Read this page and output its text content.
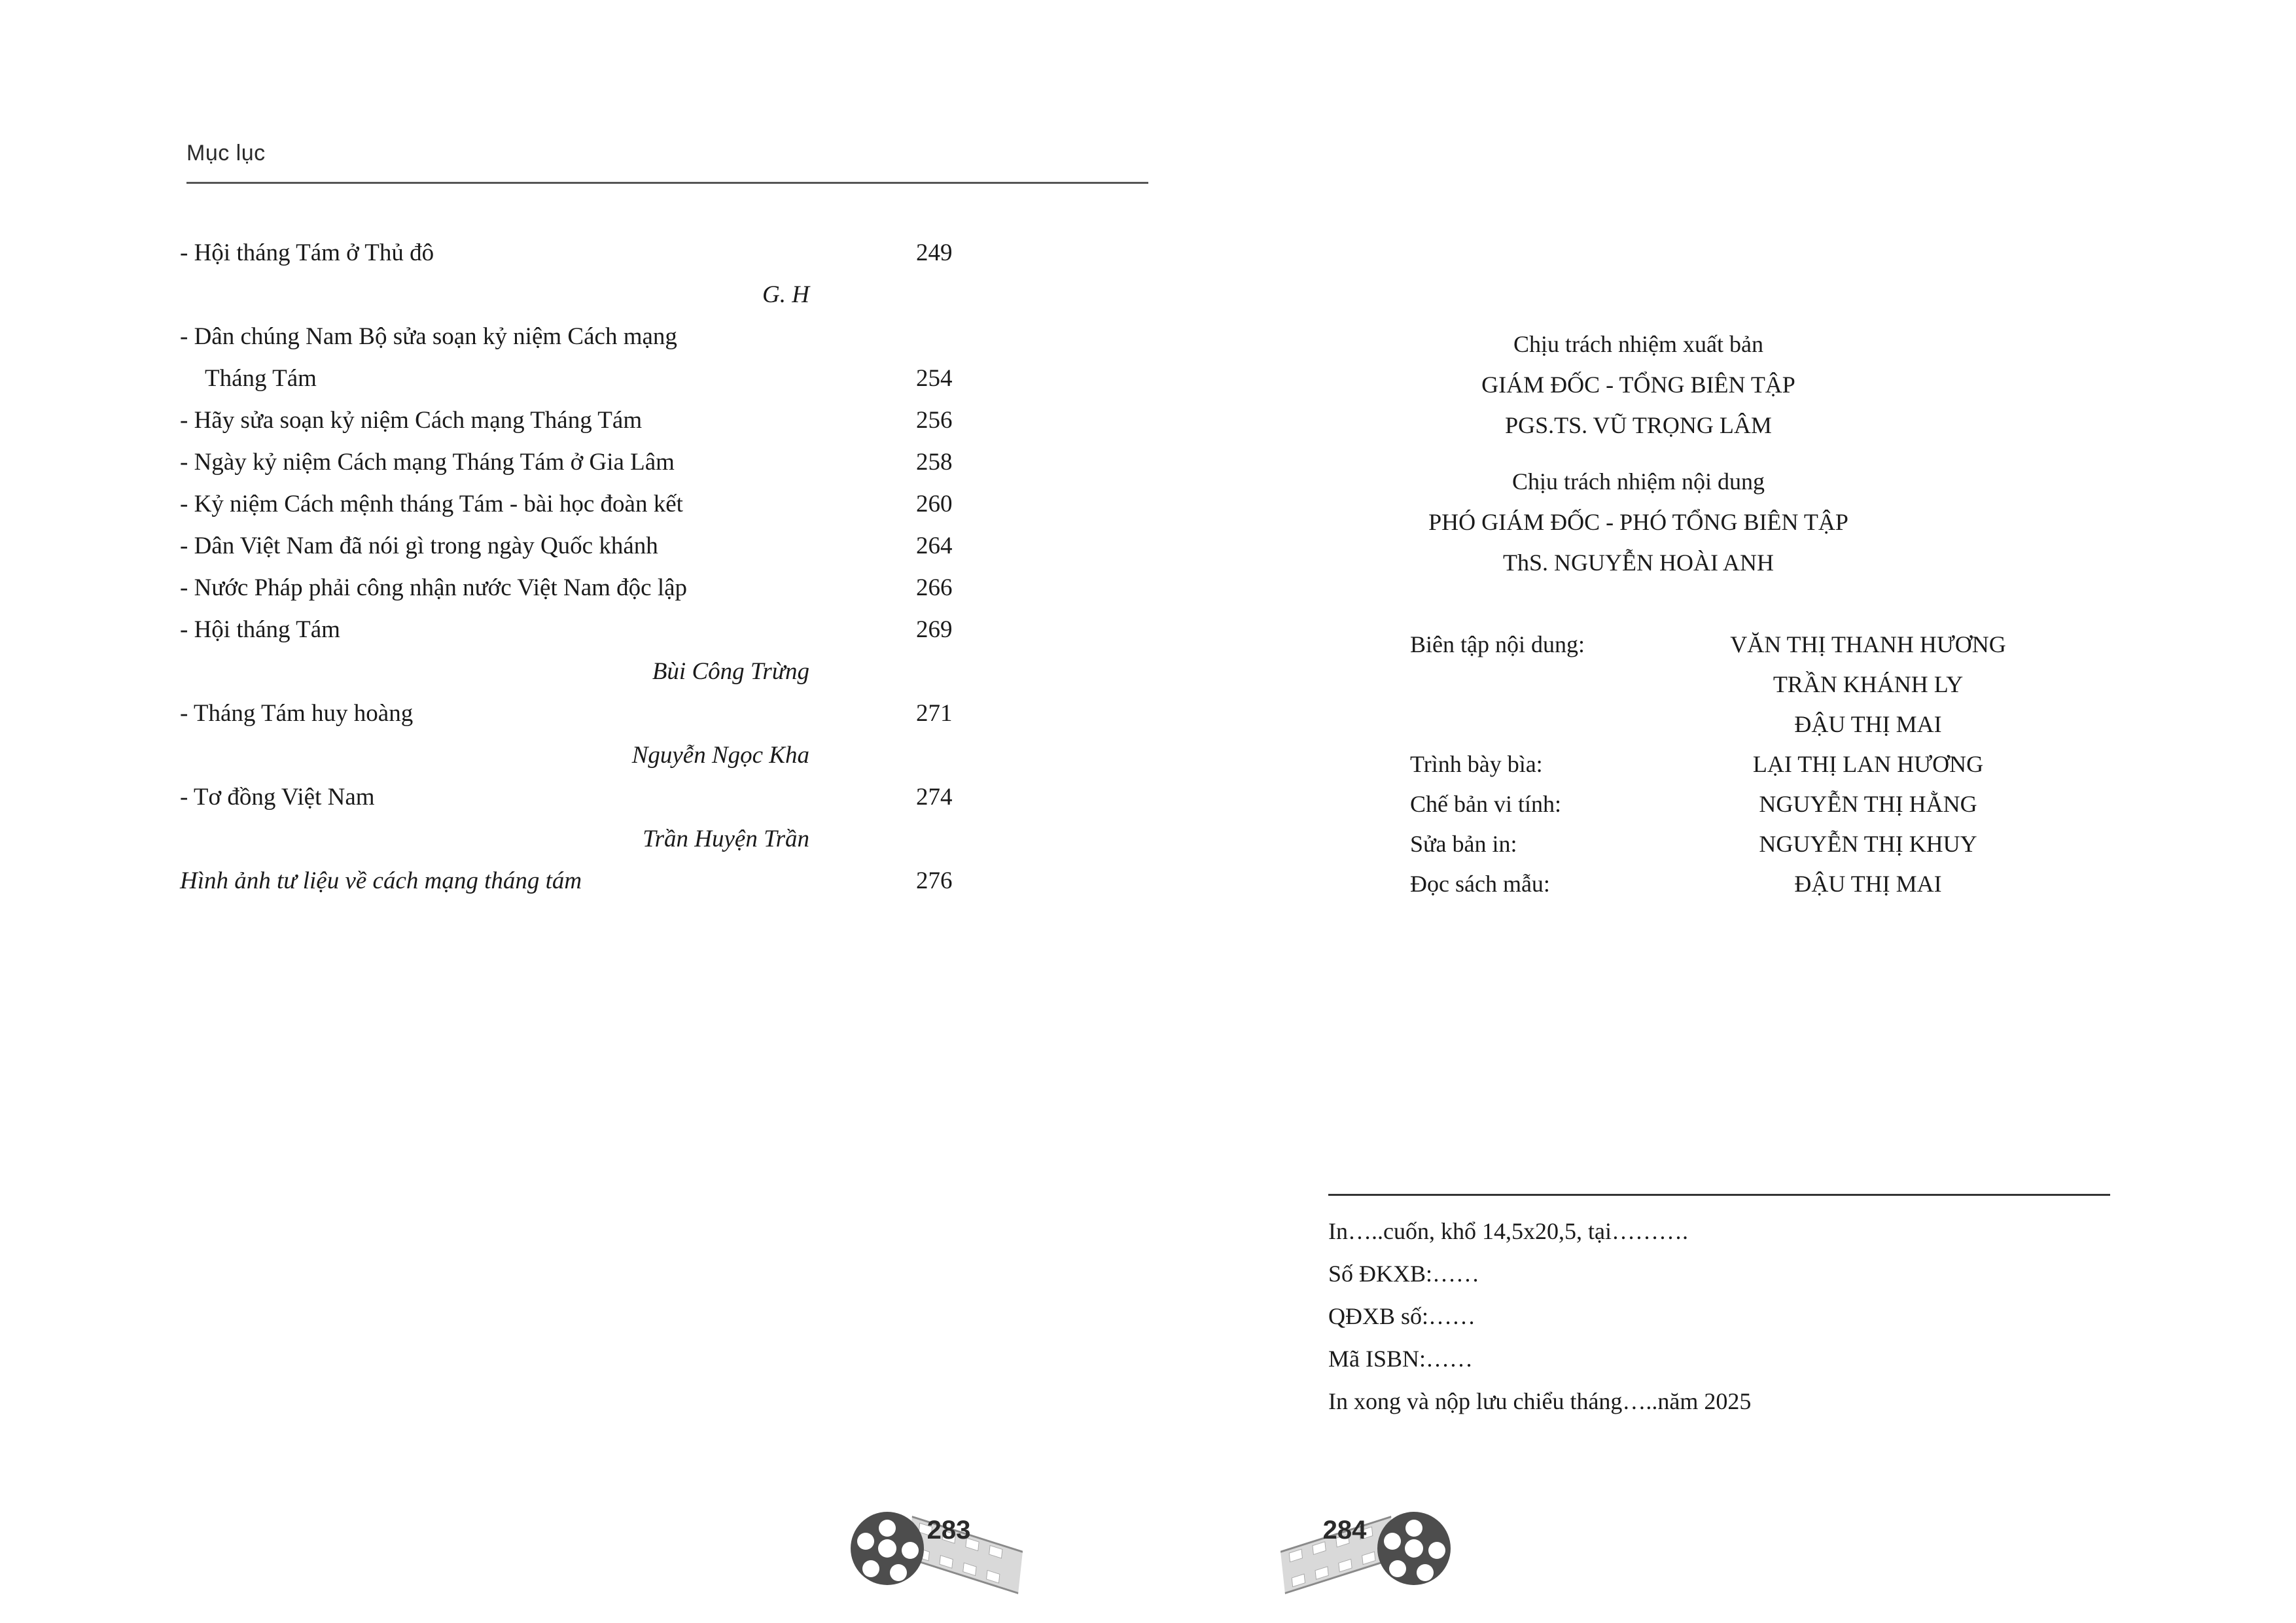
Mục lục
- Hội tháng Tám ở Thủ đô	249
G. H
- Dân chúng Nam Bộ sửa soạn kỷ niệm Cách mạng
Tháng Tám	254
- Hãy sửa soạn kỷ niệm Cách mạng Tháng Tám	256
- Ngày kỷ niệm Cách mạng Tháng Tám ở Gia Lâm	258
- Kỷ niệm Cách mệnh tháng Tám - bài học đoàn kết	260
- Dân Việt Nam đã nói gì trong ngày Quốc khánh	264
- Nước Pháp phải công nhận nước Việt Nam độc lập	266
- Hội tháng Tám	269
Bùi Công Trừng
- Tháng Tám huy hoàng	271
Nguyễn Ngọc Kha
- Tơ đồng Việt Nam	274
Trần Huyện Trần
Hình ảnh tư liệu về cách mạng tháng tám	276
283
Chịu trách nhiệm xuất bản
GIÁM ĐỐC - TỔNG BIÊN TẬP
PGS.TS. VŨ TRỌNG LÂM
Chịu trách nhiệm nội dung
PHÓ GIÁM ĐỐC - PHÓ TỔNG BIÊN TẬP
ThS. NGUYỄN HOÀI ANH
Biên tập nội dung:	VĂN THỊ THANH HƯƠNG
TRẦN KHÁNH LY
ĐẬU THỊ MAI
Trình bày bìa:	LẠI THỊ LAN HƯƠNG
Chế bản vi tính:	NGUYỄN THỊ HẰNG
Sửa bản in:	NGUYỄN THỊ KHUY
Đọc sách mẫu:	ĐẬU THỊ MAI
In…..cuốn, khổ 14,5x20,5, tại……….
Số ĐKXB:……
QĐXB số:……
Mã ISBN:……
In xong và nộp lưu chiểu tháng…..năm 2025
284
